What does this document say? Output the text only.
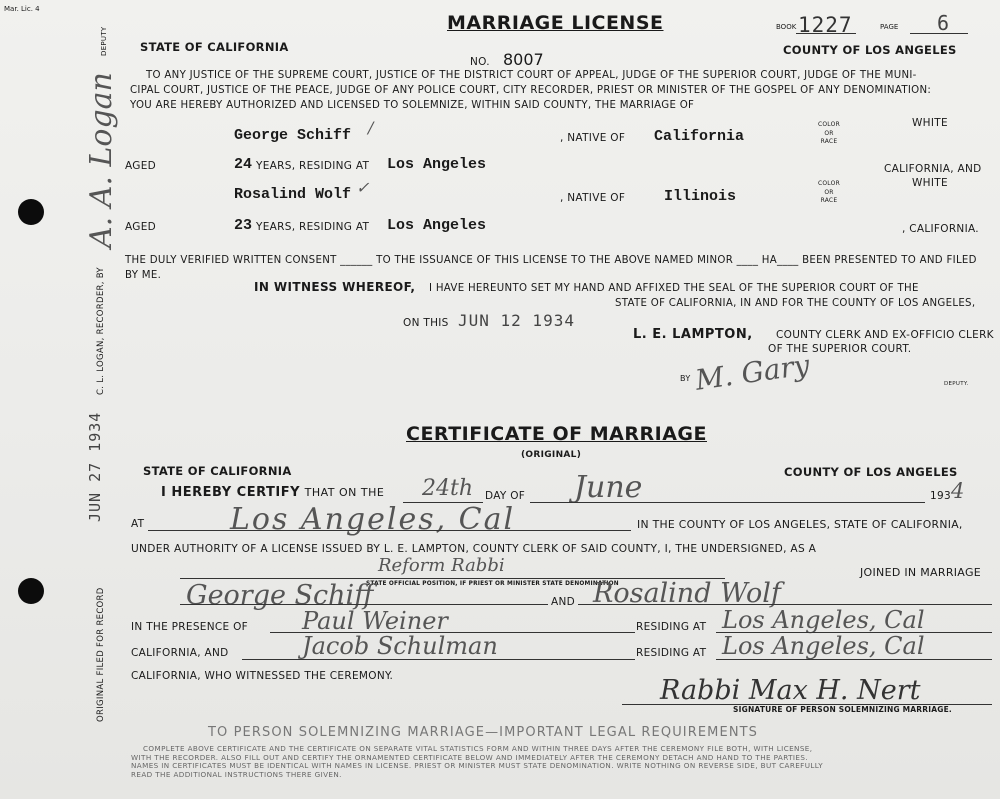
Mar. Lic. 4
DEPUTY
A. A. Logan
C. L. LOGAN, RECORDER, BY
JUN 27 1934
ORIGINAL FILED FOR RECORD
MARRIAGE LICENSE	BOOK 1227	PAGE 6
STATE OF CALIFORNIA	COUNTY OF LOS ANGELES
NO. 8007
TO ANY JUSTICE OF THE SUPREME COURT, JUSTICE OF THE DISTRICT COURT OF APPEAL, JUDGE OF THE SUPERIOR COURT, JUDGE OF THE MUNI-
CIPAL COURT, JUSTICE OF THE PEACE, JUDGE OF ANY POLICE COURT, CITY RECORDER, PRIEST OR MINISTER OF THE GOSPEL OF ANY DENOMINATION:
YOU ARE HEREBY AUTHORIZED AND LICENSED TO SOLEMNIZE, WITHIN SAID COUNTY, THE MARRIAGE OF
George Schiff /
, NATIVE OF California
COLOR
OR
RACE
WHITE
AGED	24 YEARS, RESIDING AT Los Angeles	CALIFORNIA, AND
Rosalind Wolf ✓
, NATIVE OF	Illinois
COLOR
OR
RACE
WHITE
AGED	23 YEARS, RESIDING AT Los Angeles	, CALIFORNIA.
THE DULY VERIFIED WRITTEN CONSENT ______ TO THE ISSUANCE OF THIS LICENSE TO THE ABOVE NAMED MINOR ____ HA____ BEEN PRESENTED TO AND FILED
BY ME.
IN WITNESS WHEREOF, I HAVE HEREUNTO SET MY HAND AND AFFIXED THE SEAL OF THE SUPERIOR COURT OF THE
STATE OF CALIFORNIA, IN AND FOR THE COUNTY OF LOS ANGELES,
ON THIS JUN 12 1934
L. E. LAMPTON, COUNTY CLERK AND EX-OFFICIO CLERK
OF THE SUPERIOR COURT.
BY M. Gary	DEPUTY.
CERTIFICATE OF MARRIAGE
(ORIGINAL)
STATE OF CALIFORNIA	COUNTY OF LOS ANGELES
I HEREBY CERTIFY THAT ON THE 24th DAY OF June	193 4
AT	Los Angeles, Cal	IN THE COUNTY OF LOS ANGELES, STATE OF CALIFORNIA,
UNDER AUTHORITY OF A LICENSE ISSUED BY L. E. LAMPTON, COUNTY CLERK OF SAID COUNTY, I, THE UNDERSIGNED, AS A
Reform Rabbi
STATE OFFICIAL POSITION, IF PRIEST OR MINISTER STATE DENOMINATION
JOINED IN MARRIAGE
George Schiff	AND Rosalind Wolf
IN THE PRESENCE OF Paul Weiner	RESIDING AT Los Angeles, Cal
CALIFORNIA, AND	Jacob Schulman	RESIDING AT Los Angeles, Cal
CALIFORNIA, WHO WITNESSED THE CEREMONY.	Rabbi Max H. Nert
SIGNATURE OF PERSON SOLEMNIZING MARRIAGE.
TO PERSON SOLEMNIZING MARRIAGE—IMPORTANT LEGAL REQUIREMENTS
COMPLETE ABOVE CERTIFICATE AND THE CERTIFICATE ON SEPARATE VITAL STATISTICS FORM AND WITHIN THREE DAYS AFTER THE CEREMONY FILE BOTH, WITH LICENSE,
WITH THE RECORDER. ALSO FILL OUT AND CERTIFY THE ORNAMENTED CERTIFICATE BELOW AND IMMEDIATELY AFTER THE CEREMONY DETACH AND HAND TO THE PARTIES.
NAMES IN CERTIFICATES MUST BE IDENTICAL WITH NAMES IN LICENSE. PRIEST OR MINISTER MUST STATE DENOMINATION. WRITE NOTHING ON REVERSE SIDE, BUT CAREFULLY
READ THE ADDITIONAL INSTRUCTIONS THERE GIVEN.
